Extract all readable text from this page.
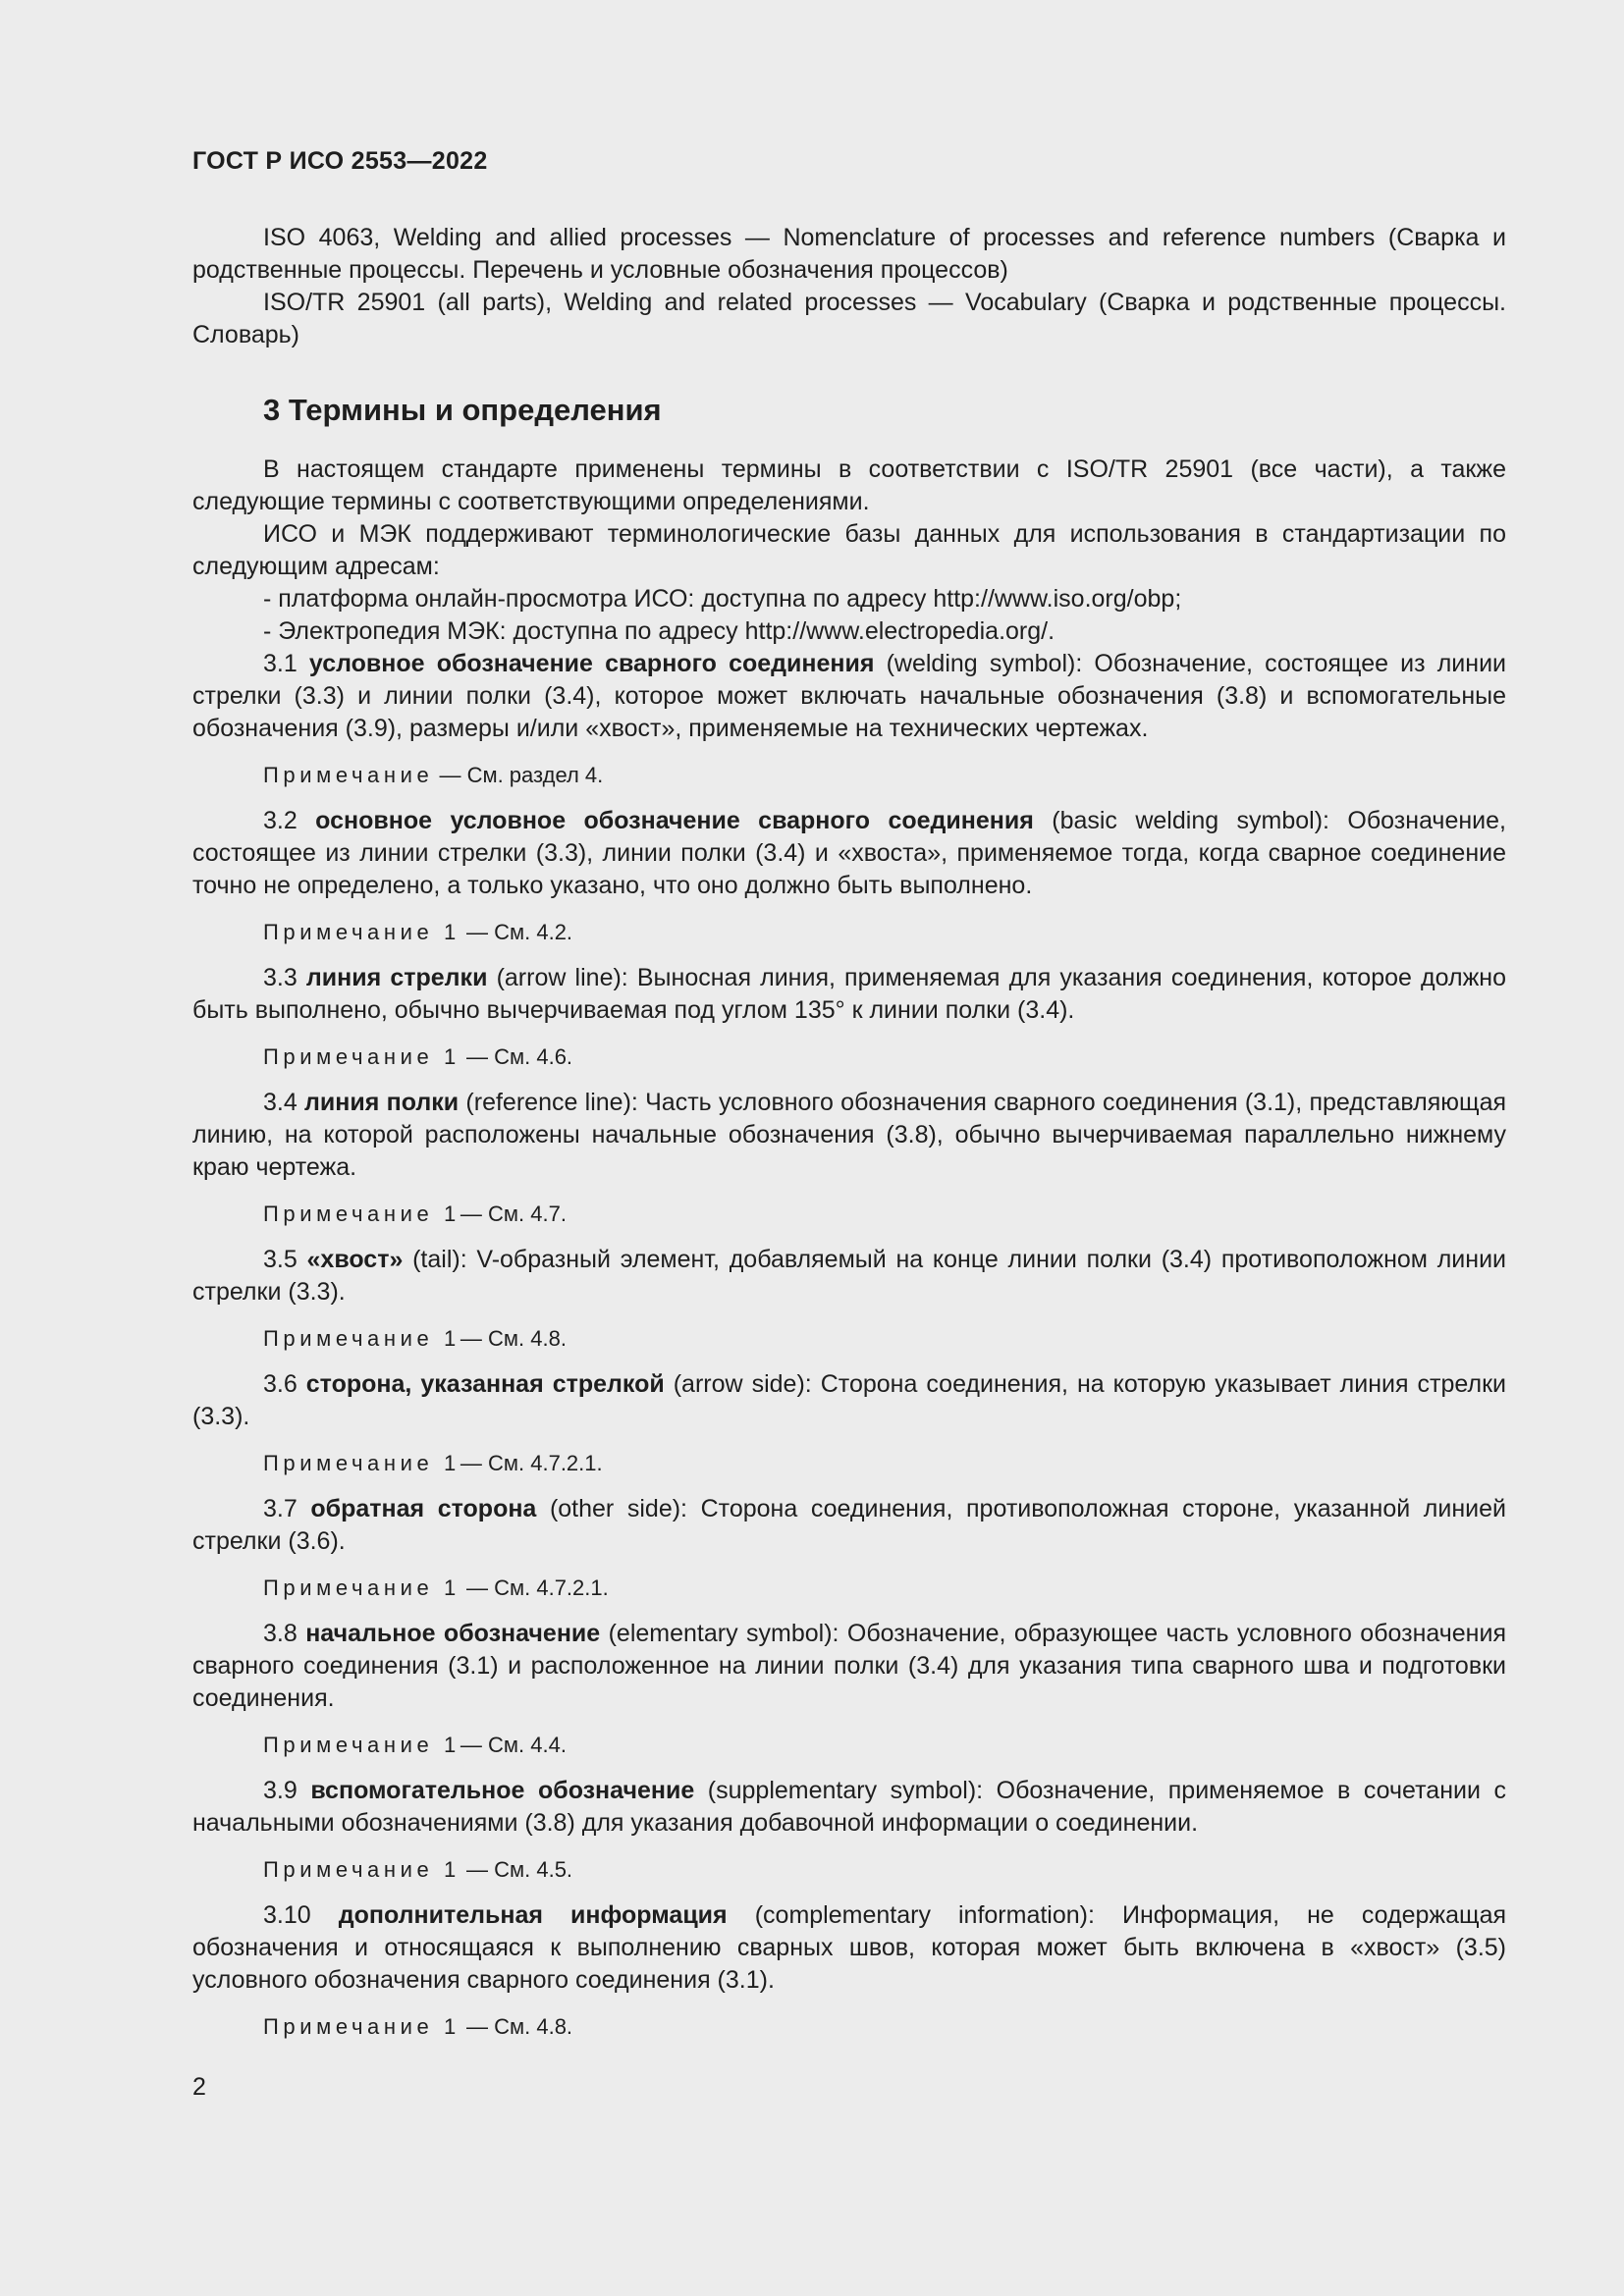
ГОСТ Р ИСО 2553—2022

ISO 4063, Welding and allied processes — Nomenclature of processes and reference numbers (Сварка и родственные процессы. Перечень и условные обозначения процессов)

ISO/TR 25901 (all parts), Welding and related processes — Vocabulary (Сварка и родственные процессы. Словарь)

3 Термины и определения

В настоящем стандарте применены термины в соответствии с ISO/TR 25901 (все части), а также следующие термины с соответствующими определениями.

ИСО и МЭК поддерживают терминологические базы данных для использования в стандартизации по следующим адресам:

- платформа онлайн-просмотра ИСО: доступна по адресу http://www.iso.org/obp;

- Электропедия МЭК: доступна по адресу http://www.electropedia.org/.

3.1 условное обозначение сварного соединения (welding symbol): Обозначение, состоящее из линии стрелки (3.3) и линии полки (3.4), которое может включать начальные обозначения (3.8) и вспомогательные обозначения (3.9), размеры и/или «хвост», применяемые на технических чертежах.

Примечание — См. раздел 4.

3.2 основное условное обозначение сварного соединения (basic welding symbol): Обозначение, состоящее из линии стрелки (3.3), линии полки (3.4) и «хвоста», применяемое тогда, когда сварное соединение точно не определено, а только указано, что оно должно быть выполнено.

Примечание 1 — См. 4.2.

3.3 линия стрелки (arrow line): Выносная линия, применяемая для указания соединения, которое должно быть выполнено, обычно вычерчиваемая под углом 135° к линии полки (3.4).

Примечание 1 — См. 4.6.

3.4 линия полки (reference line): Часть условного обозначения сварного соединения (3.1), представляющая линию, на которой расположены начальные обозначения (3.8), обычно вычерчиваемая параллельно нижнему краю чертежа.

Примечание 1— См. 4.7.

3.5 «хвост» (tail): V-образный элемент, добавляемый на конце линии полки (3.4) противоположном линии стрелки (3.3).

Примечание 1— См. 4.8.

3.6 сторона, указанная стрелкой (arrow side): Сторона соединения, на которую указывает линия стрелки (3.3).

Примечание 1— См. 4.7.2.1.

3.7 обратная сторона (other side): Сторона соединения, противоположная стороне, указанной линией стрелки (3.6).

Примечание 1 — См. 4.7.2.1.

3.8 начальное обозначение (elementary symbol): Обозначение, образующее часть условного обозначения сварного соединения (3.1) и расположенное на линии полки (3.4) для указания типа сварного шва и подготовки соединения.

Примечание 1— См. 4.4.

3.9 вспомогательное обозначение (supplementary symbol): Обозначение, применяемое в сочетании с начальными обозначениями (3.8) для указания добавочной информации о соединении.

Примечание 1 — См. 4.5.

3.10 дополнительная информация (complementary information): Информация, не содержащая обозначения и относящаяся к выполнению сварных швов, которая может быть включена в «хвост» (3.5) условного обозначения сварного соединения (3.1).

Примечание 1 — См. 4.8.

2
